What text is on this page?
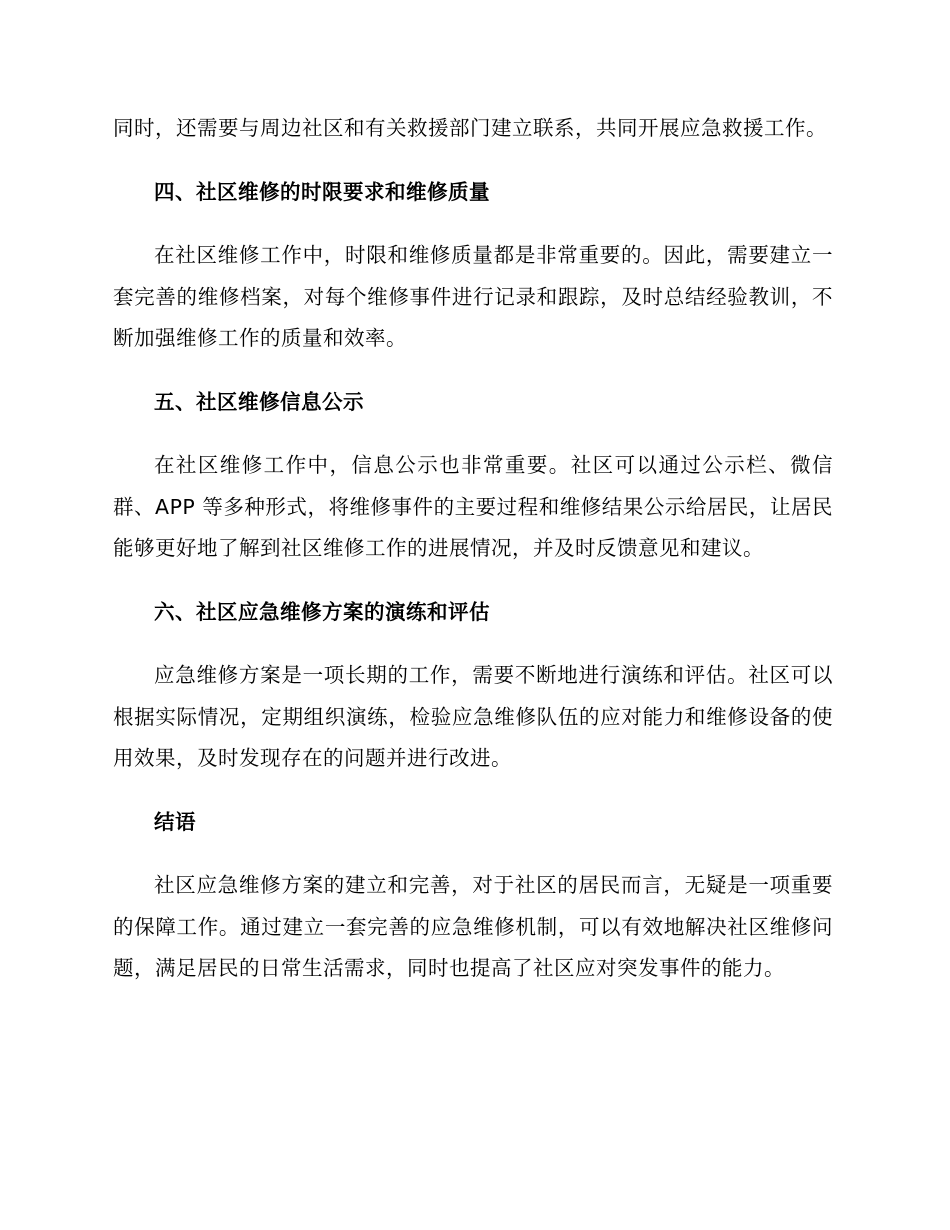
同时，还需要与周边社区和有关救援部门建立联系，共同开展应急救援工作。

四、社区维修的时限要求和维修质量

在社区维修工作中，时限和维修质量都是非常重要的。因此，需要建立一套完善的维修档案，对每个维修事件进行记录和跟踪，及时总结经验教训，不断加强维修工作的质量和效率。

五、社区维修信息公示

在社区维修工作中，信息公示也非常重要。社区可以通过公示栏、微信群、APP 等多种形式，将维修事件的主要过程和维修结果公示给居民，让居民能够更好地了解到社区维修工作的进展情况，并及时反馈意见和建议。

六、社区应急维修方案的演练和评估

应急维修方案是一项长期的工作，需要不断地进行演练和评估。社区可以根据实际情况，定期组织演练，检验应急维修队伍的应对能力和维修设备的使用效果，及时发现存在的问题并进行改进。

结语

社区应急维修方案的建立和完善，对于社区的居民而言，无疑是一项重要的保障工作。通过建立一套完善的应急维修机制，可以有效地解决社区维修问题，满足居民的日常生活需求，同时也提高了社区应对突发事件的能力。
